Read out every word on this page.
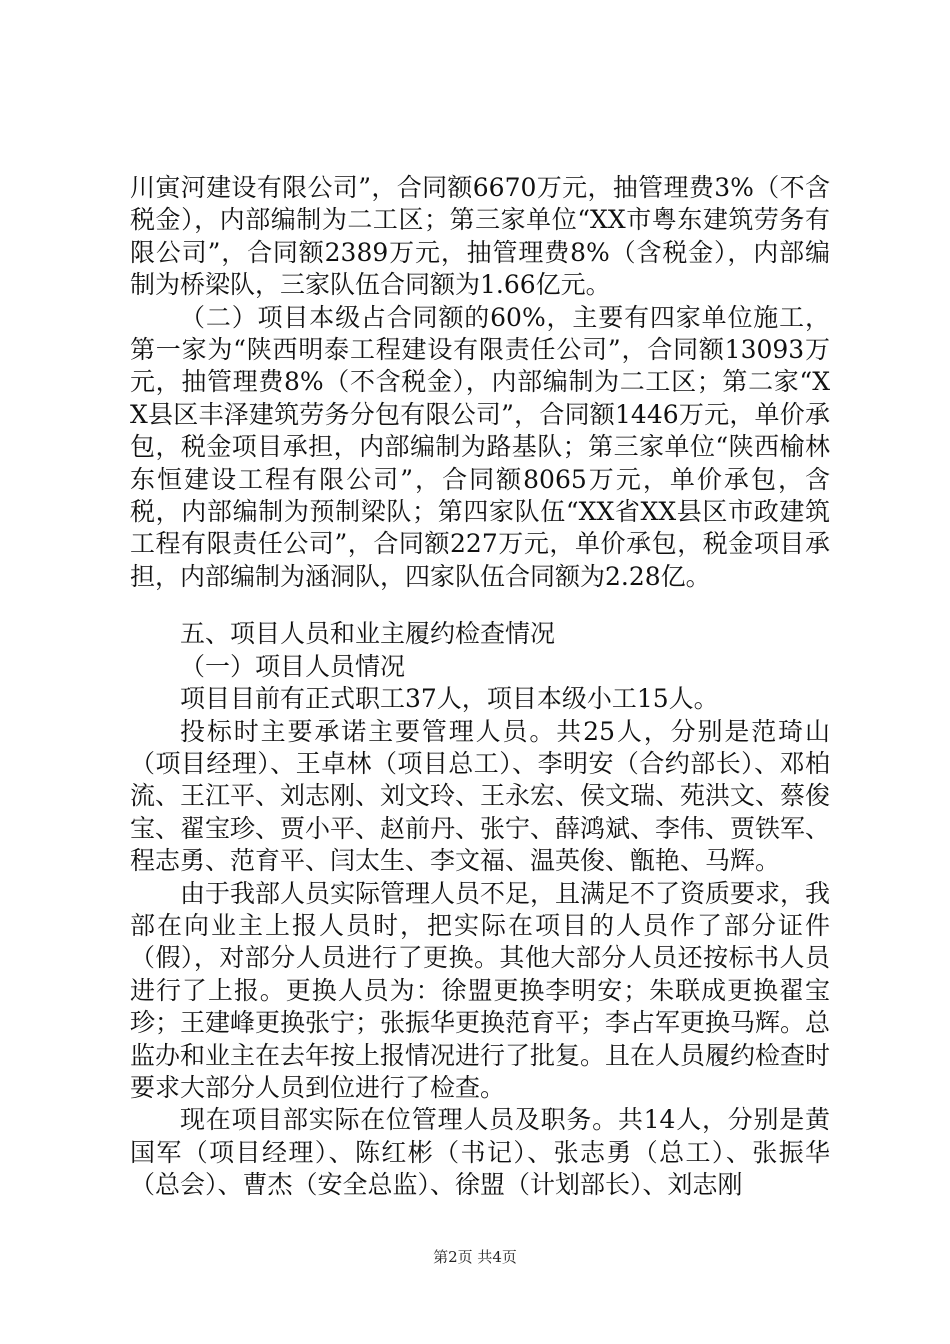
川寅河建设有限公司”，合同额6670万元，抽管理费3%（不含税金），内部编制为二工区；第三家单位“XX市粤东建筑劳务有限公司”，合同额2389万元，抽管理费8%（含税金），内部编制为桥梁队，三家队伍合同额为1.66亿元。

（二）项目本级占合同额的60%，主要有四家单位施工，第一家为“陕西明泰工程建设有限责任公司”，合同额13093万元，抽管理费8%（不含税金），内部编制为二工区；第二家“XX县区丰泽建筑劳务分包有限公司”，合同额1446万元，单价承包，税金项目承担，内部编制为路基队；第三家单位“陕西榆林东恒建设工程有限公司”，合同额8065万元，单价承包，含税，内部编制为预制梁队；第四家队伍“XX省XX县区市政建筑工程有限责任公司”，合同额227万元，单价承包，税金项目承担，内部编制为涵洞队，四家队伍合同额为2.28亿。

五、项目人员和业主履约检查情况

（一）项目人员情况

项目目前有正式职工37人，项目本级小工15人。

投标时主要承诺主要管理人员。共25人，分别是范琦山（项目经理）、王卓林（项目总工）、李明安（合约部长）、邓柏流、王江平、刘志刚、刘文玲、王永宏、侯文瑞、苑洪文、蔡俊宝、翟宝珍、贾小平、赵前丹、张宁、薛鸿斌、李伟、贾铁军、程志勇、范育平、闫太生、李文福、温英俊、甑艳、马辉。

由于我部人员实际管理人员不足，且满足不了资质要求，我部在向业主上报人员时，把实际在项目的人员作了部分证件（假），对部分人员进行了更换。其他大部分人员还按标书人员进行了上报。更换人员为：徐盟更换李明安；朱联成更换翟宝珍；王建峰更换张宁；张振华更换范育平；李占军更换马辉。总监办和业主在去年按上报情况进行了批复。且在人员履约检查时要求大部分人员到位进行了检查。

现在项目部实际在位管理人员及职务。共14人，分别是黄国军（项目经理）、陈红彬（书记）、张志勇（总工）、张振华（总会）、曹杰（安全总监）、徐盟（计划部长）、刘志刚

第2页 共4页
